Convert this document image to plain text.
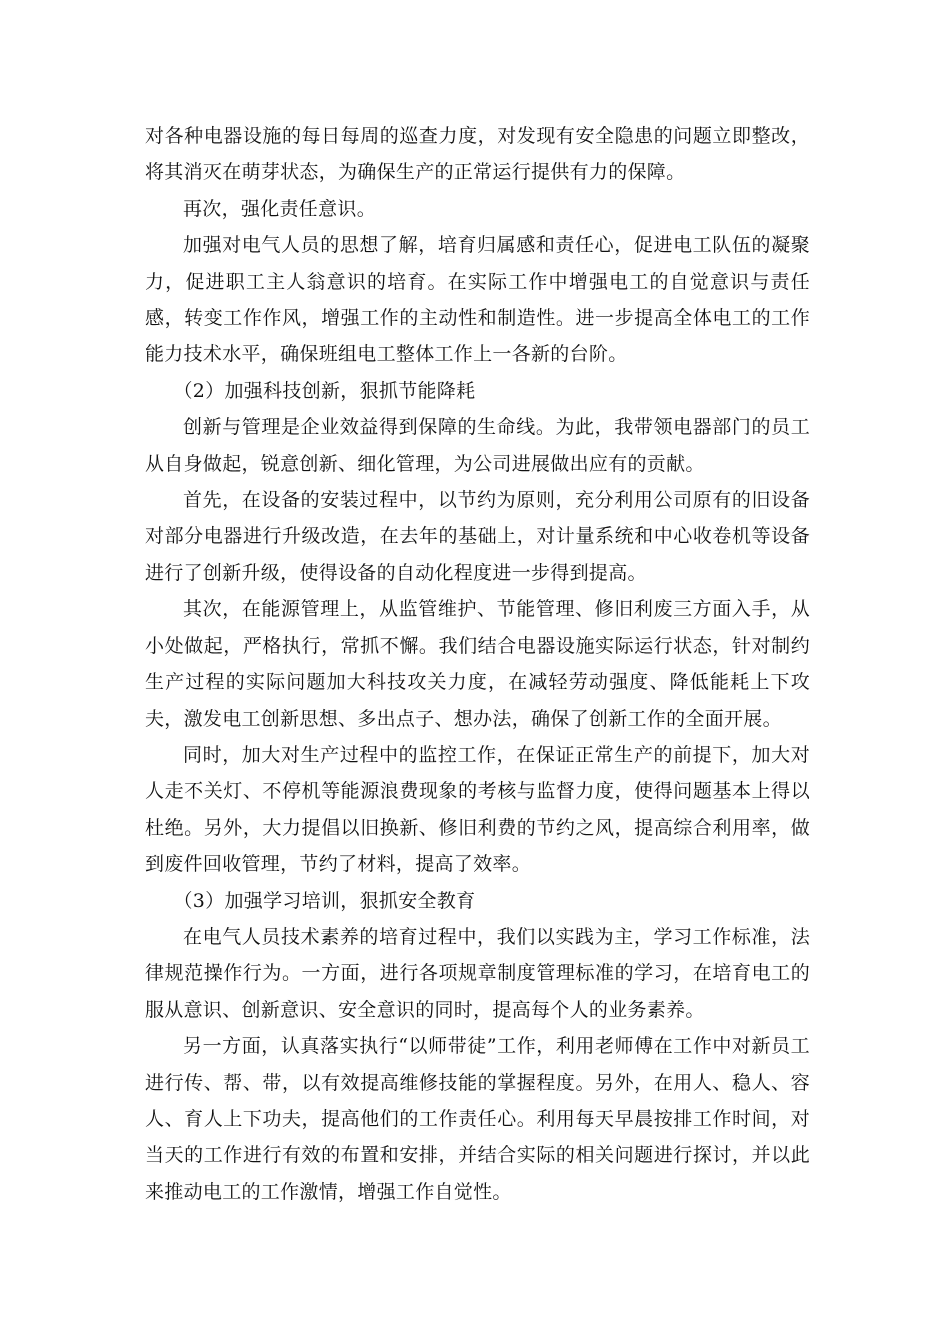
对各种电器设施的每日每周的巡查力度，对发现有安全隐患的问题立即整改，将其消灭在萌芽状态，为确保生产的正常运行提供有力的保障。

再次，强化责任意识。

加强对电气人员的思想了解，培育归属感和责任心，促进电工队伍的凝聚力，促进职工主人翁意识的培育。在实际工作中增强电工的自觉意识与责任感，转变工作作风，增强工作的主动性和制造性。进一步提高全体电工的工作能力技术水平，确保班组电工整体工作上一各新的台阶。

（2）加强科技创新，狠抓节能降耗

创新与管理是企业效益得到保障的生命线。为此，我带领电器部门的员工从自身做起，锐意创新、细化管理，为公司进展做出应有的贡献。

首先，在设备的安装过程中，以节约为原则，充分利用公司原有的旧设备对部分电器进行升级改造，在去年的基础上，对计量系统和中心收卷机等设备进行了创新升级，使得设备的自动化程度进一步得到提高。

其次，在能源管理上，从监管维护、节能管理、修旧利废三方面入手，从小处做起，严格执行，常抓不懈。我们结合电器设施实际运行状态，针对制约生产过程的实际问题加大科技攻关力度，在减轻劳动强度、降低能耗上下攻夫，激发电工创新思想、多出点子、想办法，确保了创新工作的全面开展。

同时，加大对生产过程中的监控工作，在保证正常生产的前提下，加大对人走不关灯、不停机等能源浪费现象的考核与监督力度，使得问题基本上得以杜绝。另外，大力提倡以旧换新、修旧利费的节约之风，提高综合利用率，做到废件回收管理，节约了材料，提高了效率。

（3）加强学习培训，狠抓安全教育

在电气人员技术素养的培育过程中，我们以实践为主，学习工作标准，法律规范操作行为。一方面，进行各项规章制度管理标准的学习，在培育电工的服从意识、创新意识、安全意识的同时，提高每个人的业务素养。

另一方面，认真落实执行“以师带徒”工作，利用老师傅在工作中对新员工进行传、帮、带，以有效提高维修技能的掌握程度。另外，在用人、稳人、容人、育人上下功夫，提高他们的工作责任心。利用每天早晨按排工作时间，对当天的工作进行有效的布置和安排，并结合实际的相关问题进行探讨，并以此来推动电工的工作激情，增强工作自觉性。
